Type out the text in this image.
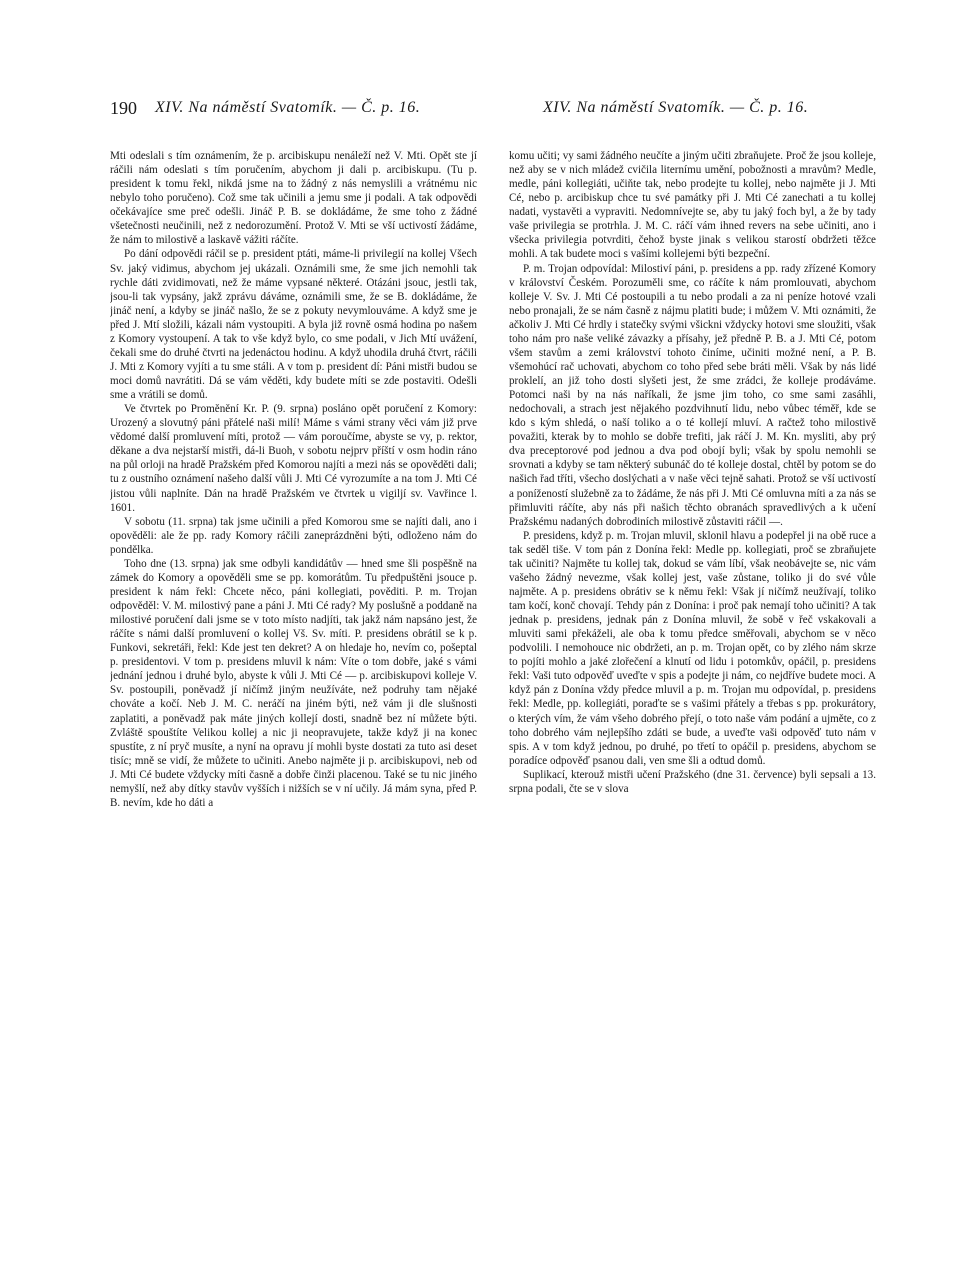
190 XIV. Na náměstí Svatomík. — Č. p. 16.	XIV. Na náměstí Svatomík. — Č. p. 16.

Mti odeslali s tím oznámením, že p. arcibiskupu nenáleží než V. Mti. Opět ste jí ráčili nám odeslati s tím poručením, abychom ji dali p. arcibiskupu. (Tu p. president k tomu řekl, nikdá jsme na to žádný z nás nemyslili a vrátnému nic nebylo toho poručeno). Což sme tak učinili a jemu sme ji podali. A tak odpovědi očekávajíce sme preč odešli. Jináč P. B. se dokládáme, že sme toho z žádné všetečnosti neučinili, než z nedorozumění. Protož V. Mti se vší uctivostí žádáme, že nám to milostivě a laskavě vážiti ráčíte.

Po dání odpovědi ráčil se p. president ptáti, máme-li privilegií na kollej Všech Sv. jaký vidimus, abychom jej ukázali. Oznámili sme, že sme jich nemohli tak rychle dáti zvidimovati, než že máme vypsané některé. Otázáni jsouc, jestli tak, jsou-li tak vypsány, jakž zprávu dáváme, oznámili sme, že se B. dokládáme, že jináč není, a kdyby se jináč našlo, že se z pokuty nevymlouváme. A když sme je před J. Mtí složili, kázali nám vystoupiti. A byla již rovně osmá hodina po našem z Komory vystoupení. A tak to vše když bylo, co sme podali, v Jich Mtí uvážení, čekali sme do druhé čtvrti na jedenáctou hodinu. A když uhodila druhá čtvrt, ráčili J. Mti z Komory vyjíti a tu sme stáli. A v tom p. president dí: Páni mistři budou se moci domů navrátiti. Dá se vám věděti, kdy budete míti se zde postaviti. Odešli sme a vrátili se domů.

Ve čtvrtek po Proměnění Kr. P. (9. srpna) posláno opět poručení z Komory: Urozený a slovutný páni přátelé naši milí! Máme s vámi strany věci vám již prve vědomé další promluvení míti, protož — vám poroučíme, abyste se vy, p. rektor, děkane a dva nejstarší mistři, dá-li Buoh, v sobotu nejprv příští v osm hodin ráno na půl orloji na hradě Pražském před Komorou najíti a mezi nás se opověděti dali; tu z oustního oznámení našeho další vůli J. Mti Cé vyrozumíte a na tom J. Mti Cé jistou vůli naplníte. Dán na hradě Pražském ve čtvrtek u vigiljí sv. Vavřince l. 1601.

V sobotu (11. srpna) tak jsme učinili a před Komorou sme se najíti dali, ano i opověděli: ale že pp. rady Komory ráčili zaneprázdněni býti, odloženo nám do pondělka.

Toho dne (13. srpna) jak sme odbyli kandidátův — hned sme šli pospěšně na zámek do Komory a opověděli sme se pp. komorátům. Tu předpuštěni jsouce p. president k nám řekl: Chcete něco, páni kollegiati, pověditi. P. m. Trojan odpověděl: V. M. milostivý pane a páni J. Mti Cé rady? My poslušně a poddaně na milostivé poručení dali jsme se v toto místo nadjíti, tak jakž nám napsáno jest, že ráčíte s námi další promluvení o kollej Vš. Sv. míti. P. presidens obrátil se k p. Funkovi, sekretáři, řekl: Kde jest ten dekret? A on hledaje ho, nevím co, pošeptal p. presidentovi. V tom p. presidens mluvil k nám: Víte o tom dobře, jaké s vámi jednání jednou i druhé bylo, abyste k vůli J. Mti Cé — p. arcibiskupovi kolleje V. Sv. postoupili, poněvadž jí ničímž jiným neužíváte, než podruhy tam nějaké chováte a kočí. Neb J. M. C. neráčí na jiném býti, než vám ji dle slušnosti zaplatiti, a poněvadž pak máte jiných kollejí dosti, snadně bez ní můžete býti. Zvláště spouštíte Velikou kollej a nic ji neopravujete, takže když ji na konec spustíte, z ní pryč musíte, a nyní na opravu jí mohli byste dostati za tuto asi deset tisíc; mně se vidí, že můžete to učiniti. Anebo najměte ji p. arcibiskupovi, neb od J. Mti Cé budete vždycky míti časně a dobře činži placenou. Také se tu nic jiného nemyšlí, než aby dítky stavův vyšších i nižších se v ní učily. Já mám syna, před P. B. nevím, kde ho dáti a

komu učiti; vy sami žádného neučíte a jiným učiti zbraňujete. Proč že jsou kolleje, než aby se v nich mládež cvičila liternímu umění, pobožnosti a mravům? Medle, medle, páni kollegiáti, učiňte tak, nebo prodejte tu kollej, nebo najměte ji J. Mti Cé, nebo p. arcibiskup chce tu své památky při J. Mti Cé zanechati a tu kollej nadati, vystavěti a vypraviti. Nedomnívejte se, aby tu jaký foch byl, a že by tady vaše privilegia se protrhla. J. M. C. ráčí vám ihned revers na sebe učiniti, ano i všecka privilegia potvrditi, čehož byste jinak s velikou starostí obdržeti těžce mohli. A tak budete moci s vašími kollejemi býti bezpeční.

P. m. Trojan odpovídal: Milostiví páni, p. presidens a pp. rady zřízené Komory v království Českém. Porozuměli sme, co ráčíte k nám promlouvati, abychom kolleje V. Sv. J. Mti Cé postoupili a tu nebo prodali a za ni peníze hotové vzali nebo pronajali, že se nám časně z nájmu platiti bude; i můžem V. Mti oznámiti, že ačkoliv J. Mti Cé hrdly i statečky svými všickni vždycky hotovi sme sloužiti, však toho nám pro naše veliké závazky a přísahy, jež předně P. B. a J. Mti Cé, potom všem stavům a zemi království tohoto činíme, učiniti možné není, a P. B. všemohúcí rač uchovati, abychom co toho před sebe bráti měli. Však by nás lidé proklelí, an již toho dosti slyšeti jest, že sme zrádci, že kolleje prodáváme. Potomci naši by na nás naříkali, že jsme jim toho, co sme sami zasáhli, nedochovali, a strach jest nějakého pozdvihnutí lidu, nebo vůbec téměř, kde se kdo s kým shledá, o naší toliko a o té kollejí mluví. A račtež toho milostivě považiti, kterak by to mohlo se dobře trefiti, jak ráčí J. M. Kn. mysliti, aby prý dva preceptorové pod jednou a dva pod obojí byli; však by spolu nemohli se srovnati a kdyby se tam některý subunáč do té kolleje dostal, chtěl by potom se do našich řad tříti, všecho doslýchati a v naše věci tejně sahati. Protož se vší uctivostí a ponížeností služebně za to žádáme, že nás při J. Mti Cé omluvna míti a za nás se přimluviti ráčíte, aby nás při našich těchto obranách spravedlivých a k učení Pražskému nadaných dobrodiních milostivě zůstaviti ráčil —.

P. presidens, když p. m. Trojan mluvil, sklonil hlavu a podepřel ji na obě ruce a tak seděl tiše. V tom pán z Donína řekl: Medle pp. kollegiati, proč se zbraňujete tak učiniti? Najměte tu kollej tak, dokud se vám líbí, však neobávejte se, nic vám vašeho žádný nevezme, však kollej jest, vaše zůstane, toliko ji do své vůle najměte. A p. presidens obrátiv se k němu řekl: Však jí ničímž neužívají, toliko tam kočí, konč chovají. Tehdy pán z Donína: i proč pak nemají toho učiniti? A tak jednak p. presidens, jednak pán z Donína mluvil, že sobě v řeč vskakovali a mluviti sami překáželi, ale oba k tomu předce směřovali, abychom se v něco podvolili. I nemohouce nic obdržeti, an p. m. Trojan opět, co by zlého nám skrze to pojíti mohlo a jaké zlořečení a klnutí od lidu i potomkův, opáčil, p. presidens řekl: Vaši tuto odpověď uveďte v spis a podejte ji nám, co nejdříve budete moci. A když pán z Donína vždy předce mluvil a p. m. Trojan mu odpovídal, p. presidens řekl: Medle, pp. kollegiáti, poraďte se s vašimi přátely a třebas s pp. prokurátory, o kterých vím, že vám všeho dobrého přejí, o toto naše vám podání a ujměte, co z toho dobrého vám nejlepšího zdáti se bude, a uveďte vaši odpověď tuto nám v spis. A v tom když jednou, po druhé, po třetí to opáčil p. presidens, abychom se poradíce odpověď psanou dali, ven sme šli a odtud domů.

Suplikací, kterouž mistři učení Pražského (dne 31. července) byli sepsali a 13. srpna podali, čte se v slova
